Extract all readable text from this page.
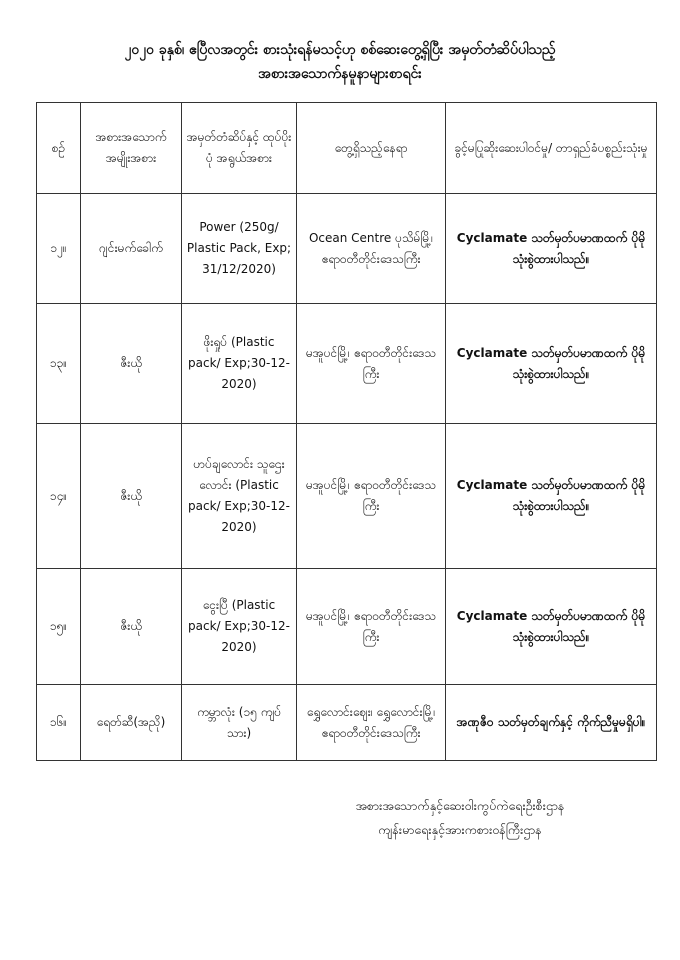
၂၀၂၀ ခုနှစ်၊ ဧပြီလအတွင်း စားသုံးရန်မသင့်ဟု စစ်ဆေးတွေ့ရှိပြီး အမှတ်တံဆိပ်ပါသည့်
အစားအသောက်နမူနာများစာရင်း
စဉ်	အစားအသောက် အမျိုးအစား	အမှတ်တံဆိပ်နှင့် ထုပ်ပိုးပုံ အရွယ်အစား	တွေ့ရှိသည့်နေရာ	ခွင့်မပြုဆိုးဆေးပါဝင်မှု/ တာရှည်ခံပစ္စည်းသုံးမှု
၁၂။	ဂျင်းမက်ခေါက်	Power (250g/ Plastic Pack, Exp; 31/12/2020)	Ocean Centre ပုသိမ်မြို့၊ ဧရာဝတီတိုင်းဒေသကြီး	Cyclamate သတ်မှတ်ပမာဏထက် ပိုမိုသုံးစွဲထားပါသည်။
၁၃။	ဇီးယို	ဖိုးရှုပ် (Plastic pack/ Exp;30-12-2020)	မအူပင်မြို့၊ ဧရာဝတီတိုင်းဒေသကြီး	Cyclamate သတ်မှတ်ပမာဏထက် ပိုမိုသုံးစွဲထားပါသည်။
၁၄။	ဇီးယို	ဟပ်ချလောင်း သူဌေးလောင်း (Plastic pack/ Exp;30-12-2020)	မအူပင်မြို့၊ ဧရာဝတီတိုင်းဒေသကြီး	Cyclamate သတ်မှတ်ပမာဏထက် ပိုမိုသုံးစွဲထားပါသည်။
၁၅။	ဇီးယို	ငွေးပြီ (Plastic pack/ Exp;30-12-2020)	မအူပင်မြို့၊ ဧရာဝတီတိုင်းဒေသကြီး	Cyclamate သတ်မှတ်ပမာဏထက် ပိုမိုသုံးစွဲထားပါသည်။
၁၆။	ရေတ်ဆီ(အညို)	ကမ္ဘာလုံး (၁၅ ကျပ်သား)	ရွှေလောင်းဈေး၊ ရွှေလောင်းမြို့၊ ဧရာဝတီတိုင်းဒေသကြီး	အဏုဇီဝ သတ်မှတ်ချက်နှင့် ကိုက်ညီမှုမရှိပါ။
အစားအသောက်နှင့်ဆေးဝါးကွပ်ကဲရေးဦးစီးဌာန
ကျန်းမာရေးနှင့်အားကစားဝန်ကြီးဌာန
